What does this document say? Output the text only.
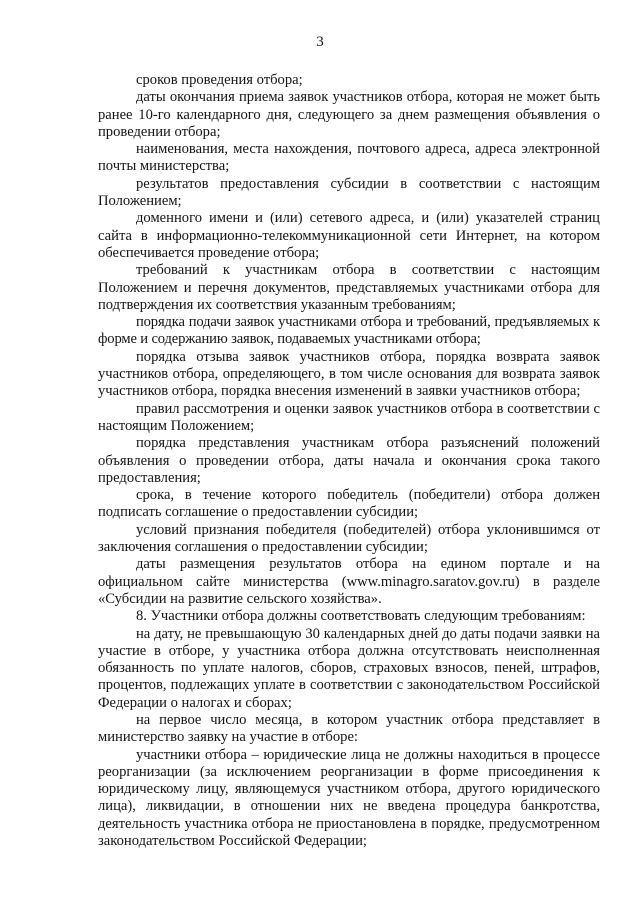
3

сроков проведения отбора;

даты окончания приема заявок участников отбора, которая не может быть ранее 10-го календарного дня, следующего за днем размещения объявления о проведении отбора;

наименования, места нахождения, почтового адреса, адреса электронной почты министерства;

результатов предоставления субсидии в соответствии с настоящим Положением;

доменного имени и (или) сетевого адреса, и (или) указателей страниц сайта в информационно-телекоммуникационной сети Интернет, на котором обеспечивается проведение отбора;

требований к участникам отбора в соответствии с настоящим Положением и перечня документов, представляемых участниками отбора для подтверждения их соответствия указанным требованиям;

порядка подачи заявок участниками отбора и требований, предъявляемых к форме и содержанию заявок, подаваемых участниками отбора;

порядка отзыва заявок участников отбора, порядка возврата заявок участников отбора, определяющего, в том числе основания для возврата заявок участников отбора, порядка внесения изменений в заявки участников отбора;

правил рассмотрения и оценки заявок участников отбора в соответствии с настоящим Положением;

порядка представления участникам отбора разъяснений положений объявления о проведении отбора, даты начала и окончания срока такого предоставления;

срока, в течение которого победитель (победители) отбора должен подписать соглашение о предоставлении субсидии;

условий признания победителя (победителей) отбора уклонившимся от заключения соглашения о предоставлении субсидии;

даты размещения результатов отбора на едином портале и на официальном сайте министерства (www.minagro.saratov.gov.ru) в разделе «Субсидии на развитие сельского хозяйства».

8. Участники отбора должны соответствовать следующим требованиям:

на дату, не превышающую 30 календарных дней до даты подачи заявки на участие в отборе, у участника отбора должна отсутствовать неисполненная обязанность по уплате налогов, сборов, страховых взносов, пеней, штрафов, процентов, подлежащих уплате в соответствии с законодательством Российской Федерации о налогах и сборах;

на первое число месяца, в котором участник отбора представляет в министерство заявку на участие в отборе:

участники отбора – юридические лица не должны находиться в процессе реорганизации (за исключением реорганизации в форме присоединения к юридическому лицу, являющемуся участником отбора, другого юридического лица), ликвидации, в отношении них не введена процедура банкротства, деятельность участника отбора не приостановлена в порядке, предусмотренном законодательством Российской Федерации;
